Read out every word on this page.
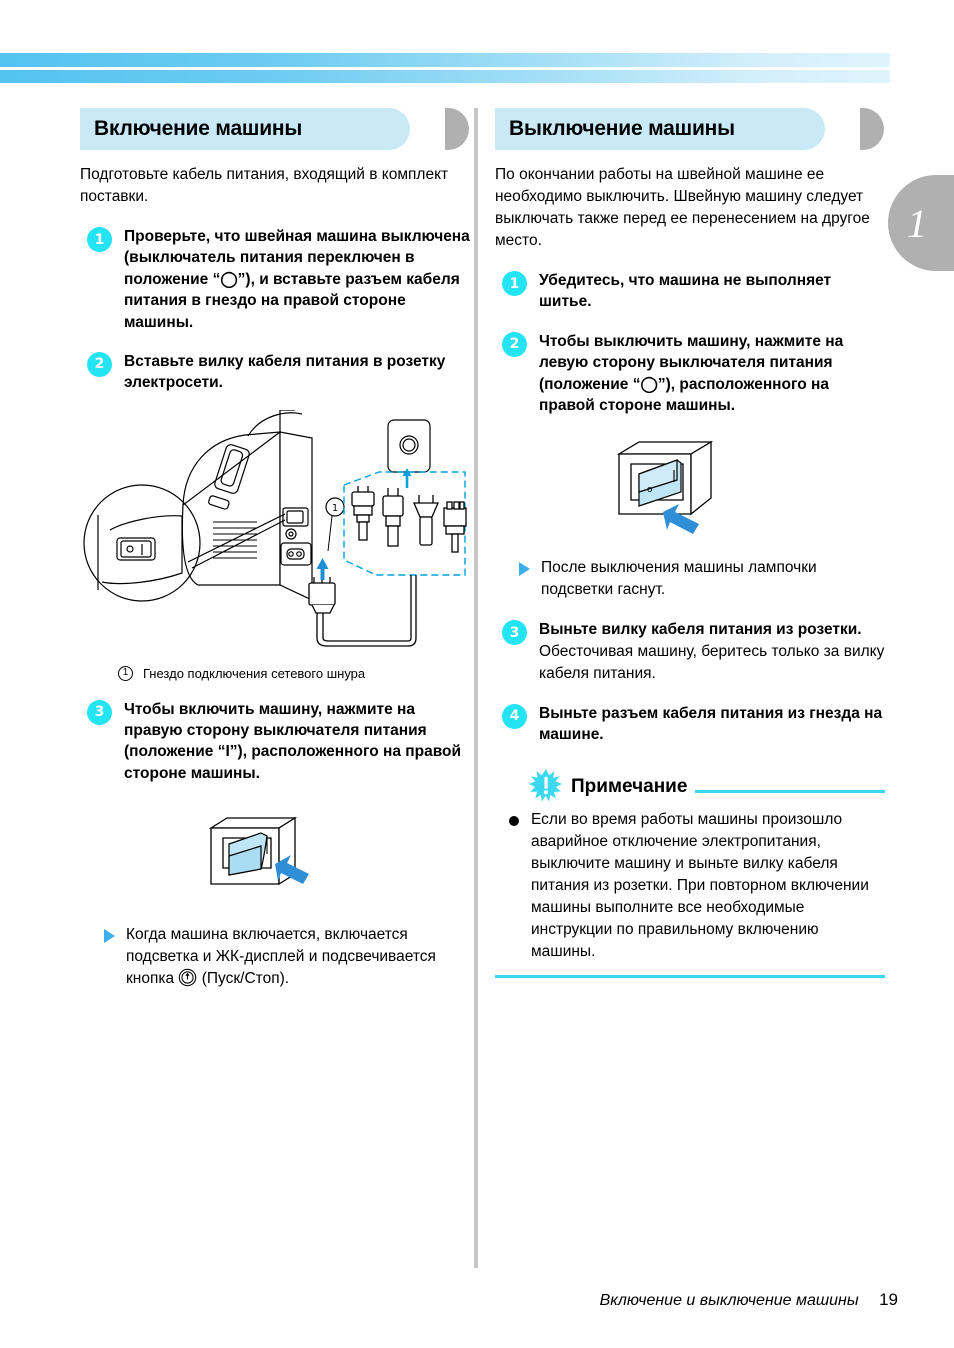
1
Включение машины

Подготовьте кабель питания, входящий в комплект поставки.

1	Проверьте, что швейная машина выключена (выключатель питания переключен в положение “◯”), и вставьте разъем кабеля питания в гнездо на правой стороне машины.
2	Вставьте вилку кабеля питания в розетку электросети.
1
1	Гнездо подключения сетевого шнура
3	Чтобы включить машину, нажмите на правую сторону выключателя питания (положение “I”), расположенного на правой стороне машины.
Когда машина включается, включается подсветка и ЖК-дисплей и подсвечивается кнопка (Пуск/Стоп).
Выключение машины

По окончании работы на швейной машине ее необходимо выключить. Швейную машину следует выключать также перед ее перенесением на другое место.

1	Убедитесь, что машина не выполняет шитье.
2	Чтобы выключить машину, нажмите на левую сторону выключателя питания (положение “◯”), расположенного на правой стороне машины.
o
После выключения машины лампочки подсветки гаснут.
3	Выньте вилку кабеля питания из розетки.
Обесточивая машину, беритесь только за вилку кабеля питания.
4	Выньте разъем кабеля питания из гнезда на машине.
Примечание

Если во время работы машины произошло аварийное отключение электропитания, выключите машину и выньте вилку кабеля питания из розетки. При повторном включении машины выполните все необходимые инструкции по правильному включению машины.

Включение и выключение машины 19
